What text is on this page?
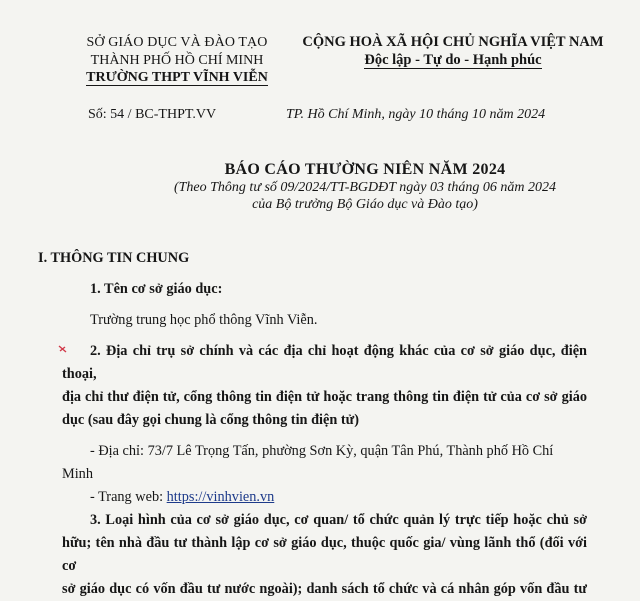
SỞ GIÁO DỤC VÀ ĐÀO TẠO
THÀNH PHỐ HỒ CHÍ MINH
TRƯỜNG THPT VĨNH VIỄN
CỘNG HOÀ XÃ HỘI CHỦ NGHĨA VIỆT NAM
Độc lập - Tự do - Hạnh phúc
Số: 54 / BC-THPT.VV	TP. Hồ Chí Minh, ngày 10 tháng 10 năm 2024
BÁO CÁO THƯỜNG NIÊN NĂM 2024
(Theo Thông tư số 09/2024/TT-BGDĐT ngày 03 tháng 06 năm 2024
của Bộ trưởng Bộ Giáo dục và Đào tạo)
I. THÔNG TIN CHUNG

1. Tên cơ sở giáo dục:

Trường trung học phổ thông Vĩnh Viễn.

2. Địa chỉ trụ sở chính và các địa chỉ hoạt động khác của cơ sở giáo dục, điện thoại,

địa chỉ thư điện tử, cổng thông tin điện tử hoặc trang thông tin điện tử của cơ sở giáo

dục (sau đây gọi chung là cổng thông tin điện tử)

- Địa chỉ: 73/7 Lê Trọng Tấn, phường Sơn Kỳ, quận Tân Phú, Thành phố Hồ Chí Minh

- Trang web: https://vinhvien.vn

3. Loại hình của cơ sở giáo dục, cơ quan/ tổ chức quản lý trực tiếp hoặc chủ sở

hữu; tên nhà đầu tư thành lập cơ sở giáo dục, thuộc quốc gia/ vùng lãnh thổ (đối với cơ

sở giáo dục có vốn đầu tư nước ngoài); danh sách tổ chức và cá nhân góp vốn đầu tư
